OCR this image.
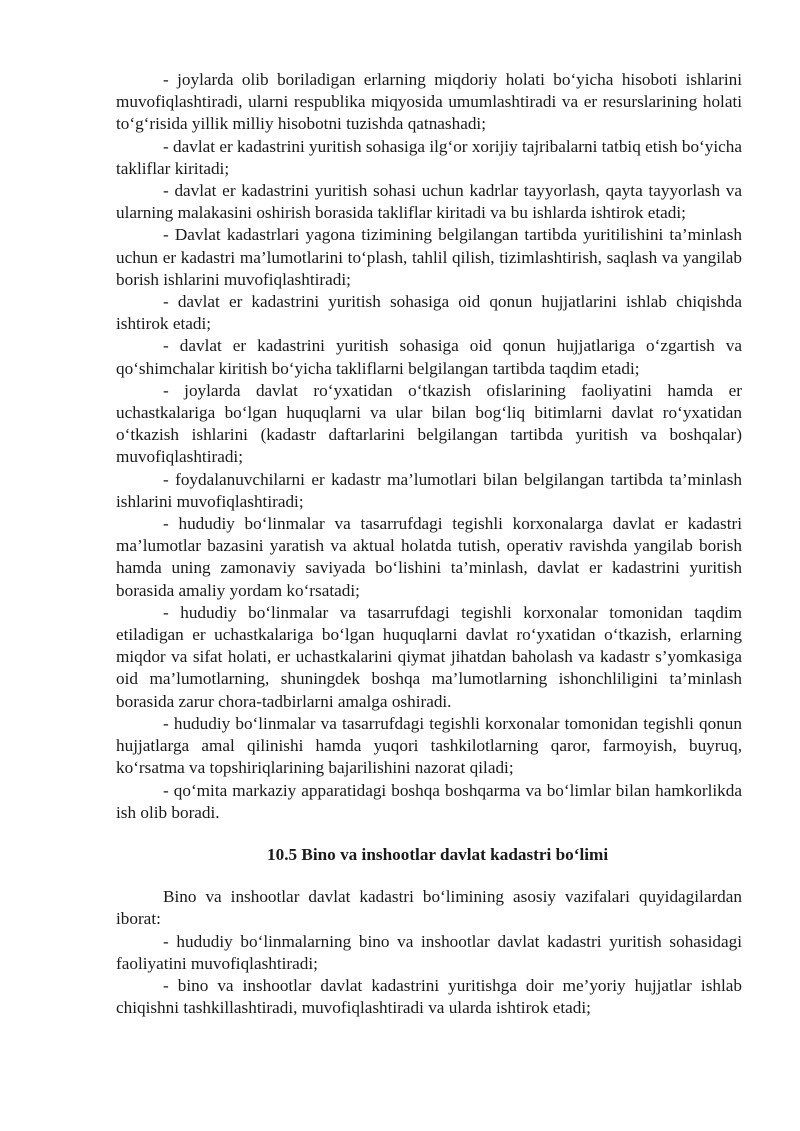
- joylarda olib boriladigan erlarning miqdoriy holati bo‘yicha hisoboti ishlarini muvofiqlashtiradi, ularni respublika miqyosida umumlashtiradi va er resurslarining holati to‘g‘risida yillik milliy hisobotni tuzishda qatnashadi;

- davlat er kadastrini yuritish sohasiga ilg‘or xorijiy tajribalarni tatbiq etish bo‘yicha takliflar kiritadi;

- davlat er kadastrini yuritish sohasi uchun kadrlar tayyorlash, qayta tayyorlash va ularning malakasini oshirish borasida takliflar kiritadi va bu ishlarda ishtirok etadi;

- Davlat kadastrlari yagona tizimining belgilangan tartibda yuritilishini ta’minlash uchun er kadastri ma’lumotlarini to‘plash, tahlil qilish, tizimlashtirish, saqlash va yangilab borish ishlarini muvofiqlashtiradi;

- davlat er kadastrini yuritish sohasiga oid qonun hujjatlarini ishlab chiqishda ishtirok etadi;

- davlat er kadastrini yuritish sohasiga oid qonun hujjatlariga o‘zgartish va qo‘shimchalar kiritish bo‘yicha takliflarni belgilangan tartibda taqdim etadi;

- joylarda davlat ro‘yxatidan o‘tkazish ofislarining faoliyatini hamda er uchastkalariga bo‘lgan huquqlarni va ular bilan bog‘liq bitimlarni davlat ro‘yxatidan o‘tkazish ishlarini (kadastr daftarlarini belgilangan tartibda yuritish va boshqalar) muvofiqlashtiradi;

- foydalanuvchilarni er kadastr ma’lumotlari bilan belgilangan tartibda ta’minlash ishlarini muvofiqlashtiradi;

- hududiy bo‘linmalar va tasarrufdagi tegishli korxonalarga davlat er kadastri ma’lumotlar bazasini yaratish va aktual holatda tutish, operativ ravishda yangilab borish hamda uning zamonaviy saviyada bo‘lishini ta’minlash, davlat er kadastrini yuritish borasida amaliy yordam ko‘rsatadi;

- hududiy bo‘linmalar va tasarrufdagi tegishli korxonalar tomonidan taqdim etiladigan er uchastkalariga bo‘lgan huquqlarni davlat ro‘yxatidan o‘tkazish, erlarning miqdor va sifat holati, er uchastkalarini qiymat jihatdan baholash va kadastr s’yomkasiga oid ma’lumotlarning, shuningdek boshqa ma’lumotlarning ishonchliligini ta’minlash borasida zarur chora-tadbirlarni amalga oshiradi.

- hududiy bo‘linmalar va tasarrufdagi tegishli korxonalar tomonidan tegishli qonun hujjatlarga amal qilinishi hamda yuqori tashkilotlarning qaror, farmoyish, buyruq, ko‘rsatma va topshiriqlarining bajarilishini nazorat qiladi;

- qo‘mita markaziy apparatidagi boshqa boshqarma va bo‘limlar bilan hamkorlikda ish olib boradi.

10.5 Bino va inshootlar davlat kadastri bo‘limi

Bino va inshootlar davlat kadastri bo‘limining asosiy vazifalari quyidagilardan iborat:

- hududiy bo‘linmalarning bino va inshootlar davlat kadastri yuritish sohasidagi faoliyatini muvofiqlashtiradi;

- bino va inshootlar davlat kadastrini yuritishga doir me’yoriy hujjatlar ishlab chiqishni tashkillashtiradi, muvofiqlashtiradi va ularda ishtirok etadi;
